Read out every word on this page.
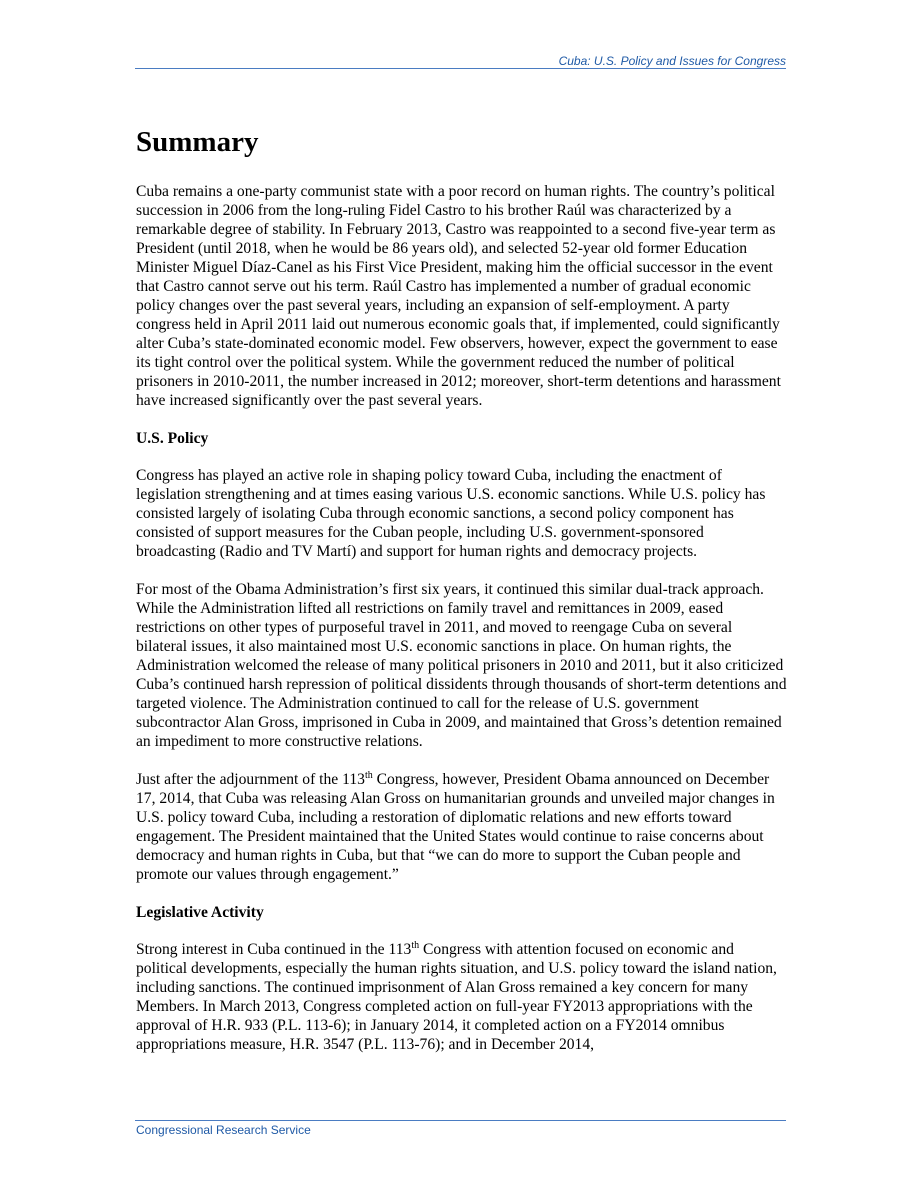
Cuba: U.S. Policy and Issues for Congress
Summary

Cuba remains a one-party communist state with a poor record on human rights. The country’s political succession in 2006 from the long-ruling Fidel Castro to his brother Raúl was characterized by a remarkable degree of stability. In February 2013, Castro was reappointed to a second five-year term as President (until 2018, when he would be 86 years old), and selected 52-year old former Education Minister Miguel Díaz-Canel as his First Vice President, making him the official successor in the event that Castro cannot serve out his term. Raúl Castro has implemented a number of gradual economic policy changes over the past several years, including an expansion of self-employment. A party congress held in April 2011 laid out numerous economic goals that, if implemented, could significantly alter Cuba’s state-dominated economic model. Few observers, however, expect the government to ease its tight control over the political system. While the government reduced the number of political prisoners in 2010-2011, the number increased in 2012; moreover, short-term detentions and harassment have increased significantly over the past several years.

U.S. Policy

Congress has played an active role in shaping policy toward Cuba, including the enactment of legislation strengthening and at times easing various U.S. economic sanctions. While U.S. policy has consisted largely of isolating Cuba through economic sanctions, a second policy component has consisted of support measures for the Cuban people, including U.S. government-sponsored broadcasting (Radio and TV Martí) and support for human rights and democracy projects.

For most of the Obama Administration’s first six years, it continued this similar dual-track approach. While the Administration lifted all restrictions on family travel and remittances in 2009, eased restrictions on other types of purposeful travel in 2011, and moved to reengage Cuba on several bilateral issues, it also maintained most U.S. economic sanctions in place. On human rights, the Administration welcomed the release of many political prisoners in 2010 and 2011, but it also criticized Cuba’s continued harsh repression of political dissidents through thousands of short-term detentions and targeted violence. The Administration continued to call for the release of U.S. government subcontractor Alan Gross, imprisoned in Cuba in 2009, and maintained that Gross’s detention remained an impediment to more constructive relations.

Just after the adjournment of the 113th Congress, however, President Obama announced on December 17, 2014, that Cuba was releasing Alan Gross on humanitarian grounds and unveiled major changes in U.S. policy toward Cuba, including a restoration of diplomatic relations and new efforts toward engagement. The President maintained that the United States would continue to raise concerns about democracy and human rights in Cuba, but that “we can do more to support the Cuban people and promote our values through engagement.”

Legislative Activity

Strong interest in Cuba continued in the 113th Congress with attention focused on economic and political developments, especially the human rights situation, and U.S. policy toward the island nation, including sanctions. The continued imprisonment of Alan Gross remained a key concern for many Members. In March 2013, Congress completed action on full-year FY2013 appropriations with the approval of H.R. 933 (P.L. 113-6); in January 2014, it completed action on a FY2014 omnibus appropriations measure, H.R. 3547 (P.L. 113-76); and in December 2014,

Congressional Research Service
